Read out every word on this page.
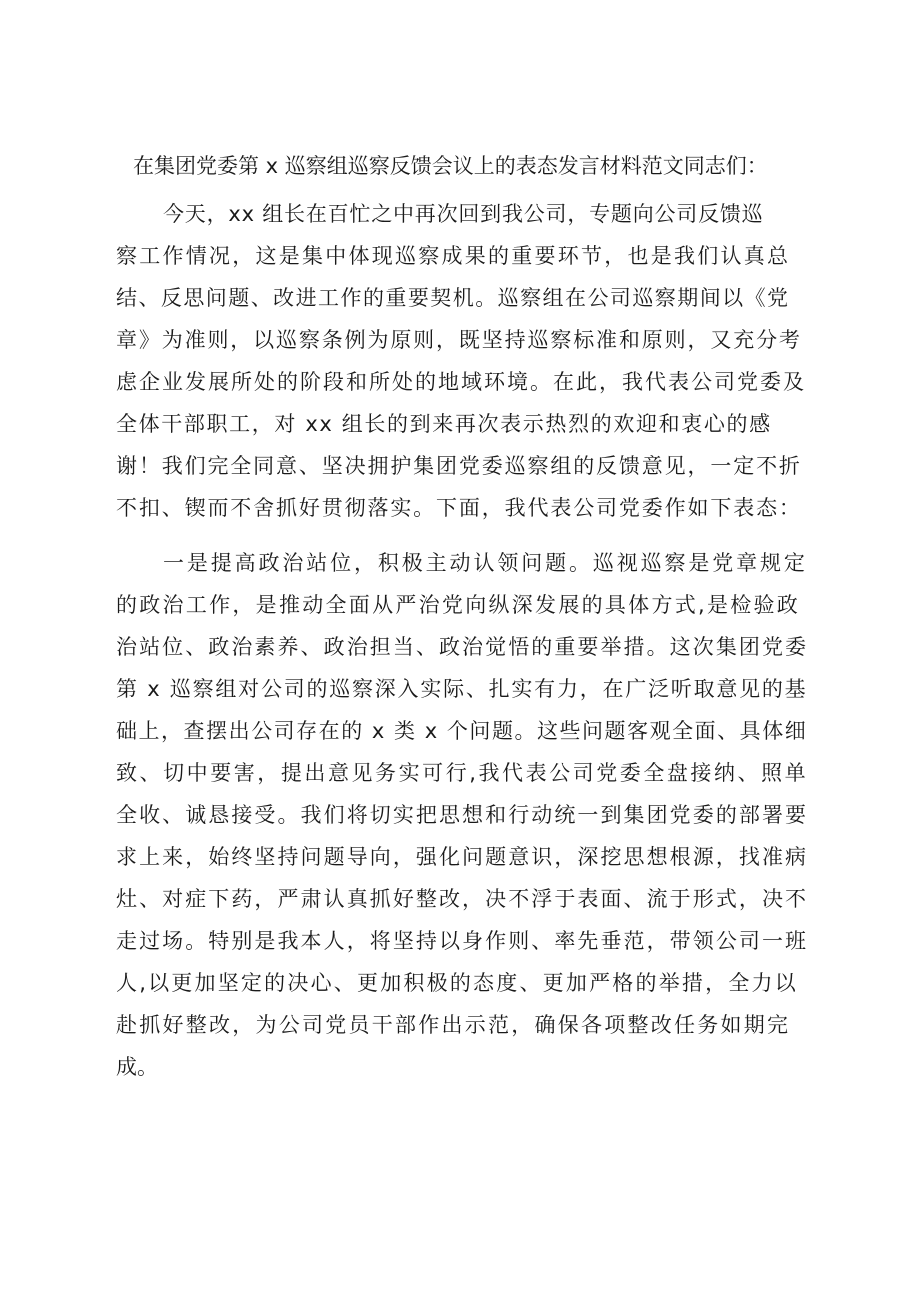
在集团党委第 x 巡察组巡察反馈会议上的表态发言材料范文同志们：
今天，xx 组长在百忙之中再次回到我公司，专题向公司反馈巡
察工作情况，这是集中体现巡察成果的重要环节，也是我们认真总
结、反思问题、改进工作的重要契机。巡察组在公司巡察期间以《党
章》为准则，以巡察条例为原则，既坚持巡察标准和原则，又充分考
虑企业发展所处的阶段和所处的地域环境。在此，我代表公司党委及
全体干部职工，对 xx 组长的到来再次表示热烈的欢迎和衷心的感
谢！我们完全同意、坚决拥护集团党委巡察组的反馈意见，一定不折
不扣、锲而不舍抓好贯彻落实。下面，我代表公司党委作如下表态：
一是提高政治站位，积极主动认领问题。巡视巡察是党章规定
的政治工作，是推动全面从严治党向纵深发展的具体方式,是检验政
治站位、政治素养、政治担当、政治觉悟的重要举措。这次集团党委
第 x 巡察组对公司的巡察深入实际、扎实有力，在广泛听取意见的基
础上，查摆出公司存在的 x 类 x 个问题。这些问题客观全面、具体细
致、切中要害，提出意见务实可行,我代表公司党委全盘接纳、照单
全收、诚恳接受。我们将切实把思想和行动统一到集团党委的部署要
求上来，始终坚持问题导向，强化问题意识，深挖思想根源，找准病
灶、对症下药，严肃认真抓好整改，决不浮于表面、流于形式，决不
走过场。特别是我本人，将坚持以身作则、率先垂范，带领公司一班
人,以更加坚定的决心、更加积极的态度、更加严格的举措，全力以
赴抓好整改，为公司党员干部作出示范，确保各项整改任务如期完
成。
